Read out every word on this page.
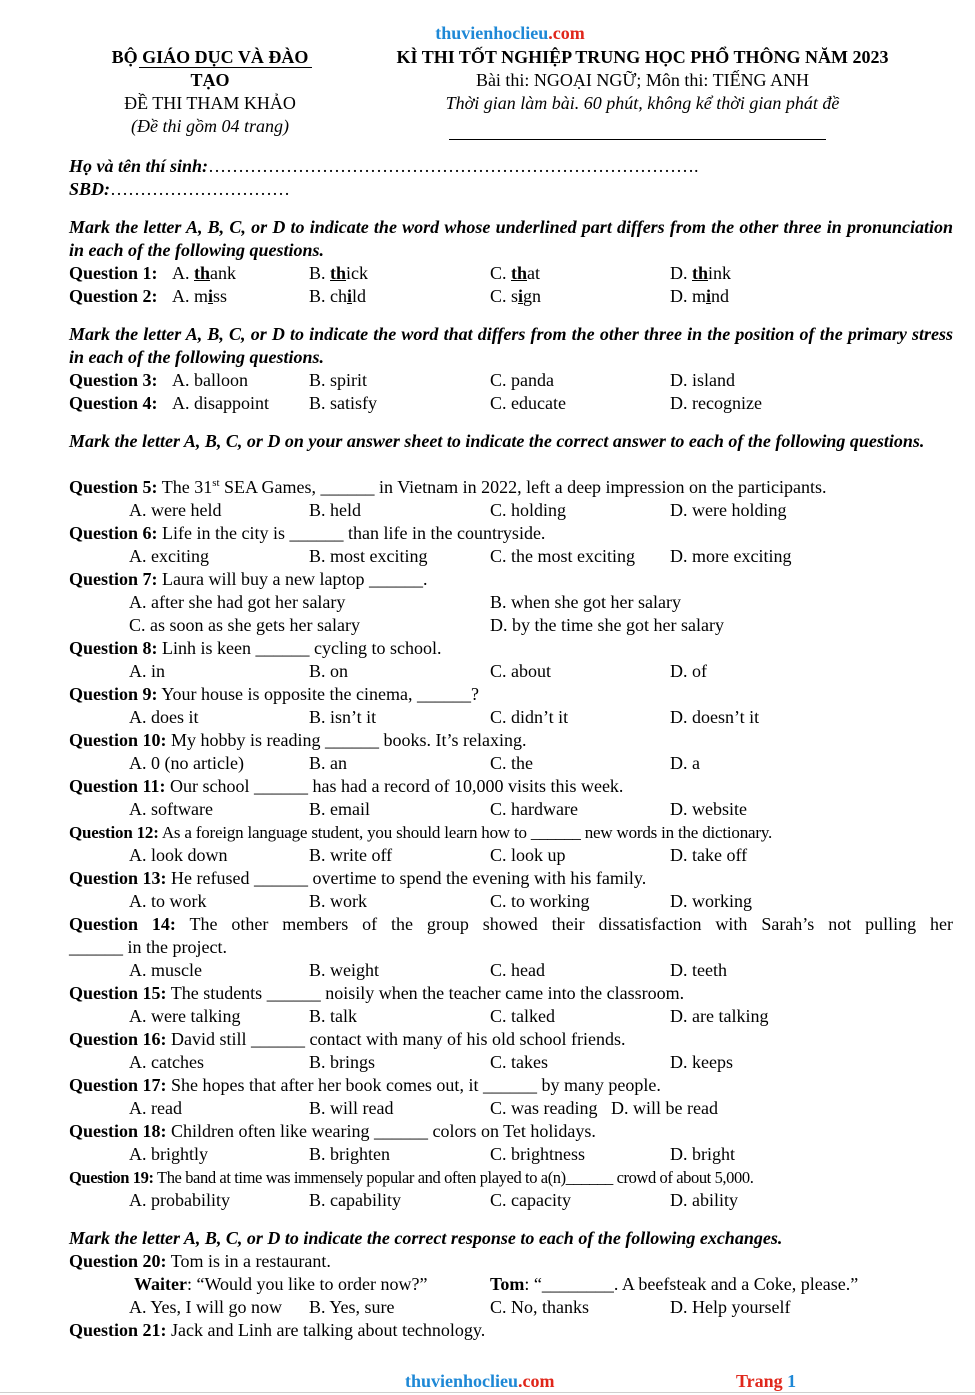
thuvienhoclieu.com
BỘ GIÁO DỤC VÀ ĐÀO
TẠO
ĐỀ THI THAM KHẢO
(Đề thi gồm 04 trang)
KÌ THI TỐT NGHIỆP TRUNG HỌC PHỔ THÔNG NĂM 2023
Bài thi: NGOẠI NGỮ; Môn thi: TIẾNG ANH
Thời gian làm bài. 60 phút, không kể thời gian phát đề
Họ và tên thí sinh:……………………………………………………………………….
SBD:…………………………
Mark the letter A, B, C, or D to indicate the word whose underlined part differs from the other three in pronunciation in each of the following questions.
Question 1: A. thank	B. thick	C. that	D. think
Question 2: A. miss	B. child	C. sign	D. mind
Mark the letter A, B, C, or D to indicate the word that differs from the other three in the position of the primary stress in each of the following questions.
Question 3: A. balloon	B. spirit	C. panda	D. island
Question 4: A. disappoint B. satisfy	C. educate	D. recognize
Mark the letter A, B, C, or D on your answer sheet to indicate the correct answer to each of the following questions.
Question 5: The 31st SEA Games, ______ in Vietnam in 2022, left a deep impression on the participants.
A. were held	B. held	C. holding	D. were holding
Question 6: Life in the city is ______ than life in the countryside.
A. exciting	B. most exciting	C. the most exciting D. more exciting
Question 7: Laura will buy a new laptop ______.
A. after she had got her salary	B. when she got her salary
C. as soon as she gets her salary	D. by the time she got her salary
Question 8: Linh is keen ______ cycling to school.
A. in	B. on	C. about	D. of
Question 9: Your house is opposite the cinema, ______?
A. does it	B. isn’t it	C. didn’t it	D. doesn’t it
Question 10: My hobby is reading ______ books. It’s relaxing.
A. 0 (no article)	B. an	C. the	D. a
Question 11: Our school ______ has had a record of 10,000 visits this week.
A. software	B. email	C. hardware	D. website
Question 12: As a foreign language student, you should learn how to ______ new words in the dictionary.
A. look down	B. write off	C. look up	D. take off
Question 13: He refused ______ overtime to spend the evening with his family.
A. to work	B. work	C. to working	D. working
Question 14: The other members of the group showed their dissatisfaction with Sarah’s not pulling her
______ in the project.
A. muscle	B. weight	C. head	D. teeth
Question 15: The students ______ noisily when the teacher came into the classroom.
A. were talking	B. talk	C. talked	D. are talking
Question 16: David still ______ contact with many of his old school friends.
A. catches	B. brings	C. takes	D. keeps
Question 17: She hopes that after her book comes out, it ______ by many people.
A. read	B. will read	C. was reading D. will be read
Question 18: Children often like wearing ______ colors on Tet holidays.
A. brightly	B. brighten	C. brightness	D. bright
Question 19: The band at time was immensely popular and often played to a(n)______ crowd of about 5,000.
A. probability	B. capability	C. capacity	D. ability
Mark the letter A, B, C, or D to indicate the correct response to each of the following exchanges.
Question 20: Tom is in a restaurant.
Waiter: “Would you like to order now?”	Tom: “________. A beefsteak and a Coke, please.”
A. Yes, I will go now B. Yes, sure	C. No, thanks	D. Help yourself
Question 21: Jack and Linh are talking about technology.
thuvienhoclieu.com	Trang 1
